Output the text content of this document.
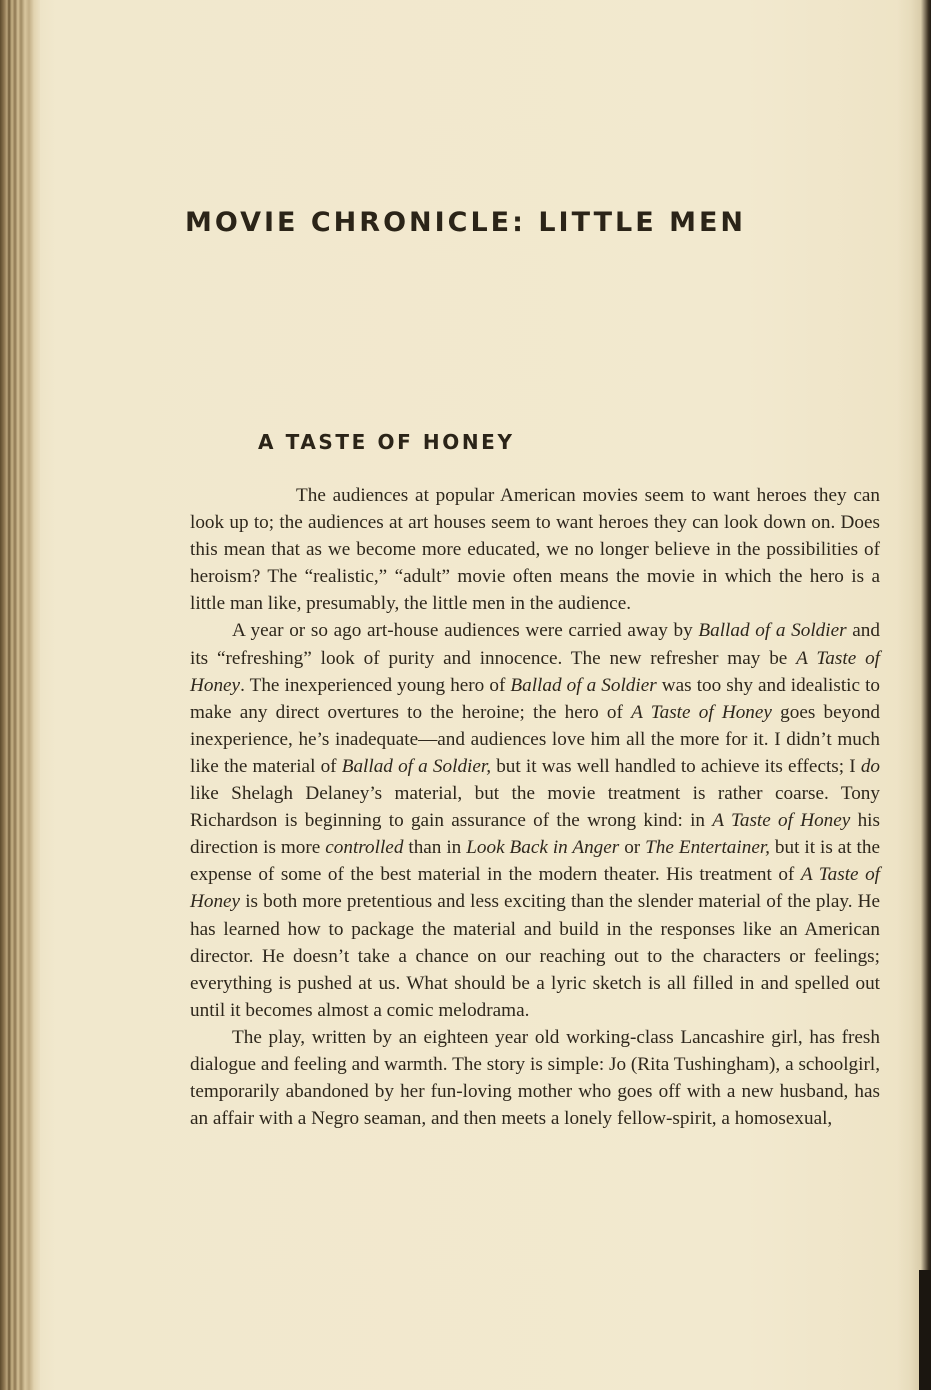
MOVIE CHRONICLE: LITTLE MEN
A TASTE OF HONEY

The audiences at popular American movies seem to want heroes they can look up to; the audiences at art houses seem to want heroes they can look down on. Does this mean that as we become more educated, we no longer believe in the possibilities of heroism? The “realistic,” “adult” movie often means the movie in which the hero is a little man like, presumably, the little men in the audience.

A year or so ago art-house audiences were carried away by Ballad of a Soldier and its “refreshing” look of purity and innocence. The new refresher may be A Taste of Honey. The inexperienced young hero of Ballad of a Soldier was too shy and idealistic to make any direct overtures to the heroine; the hero of A Taste of Honey goes beyond inexperience, he’s inadequate—and audiences love him all the more for it. I didn’t much like the material of Ballad of a Soldier, but it was well handled to achieve its effects; I do like Shelagh Delaney’s material, but the movie treatment is rather coarse. Tony Richardson is beginning to gain assurance of the wrong kind: in A Taste of Honey his direction is more controlled than in Look Back in Anger or The Entertainer, but it is at the expense of some of the best material in the modern theater. His treatment of A Taste of Honey is both more pretentious and less exciting than the slender material of the play. He has learned how to package the material and build in the responses like an American director. He doesn’t take a chance on our reaching out to the characters or feelings; everything is pushed at us. What should be a lyric sketch is all filled in and spelled out until it becomes almost a comic melodrama.

The play, written by an eighteen year old working-class Lancashire girl, has fresh dialogue and feeling and warmth. The story is simple: Jo (Rita Tushingham), a schoolgirl, temporarily abandoned by her fun-loving mother who goes off with a new husband, has an affair with a Negro seaman, and then meets a lonely fellow-spirit, a homosexual,
